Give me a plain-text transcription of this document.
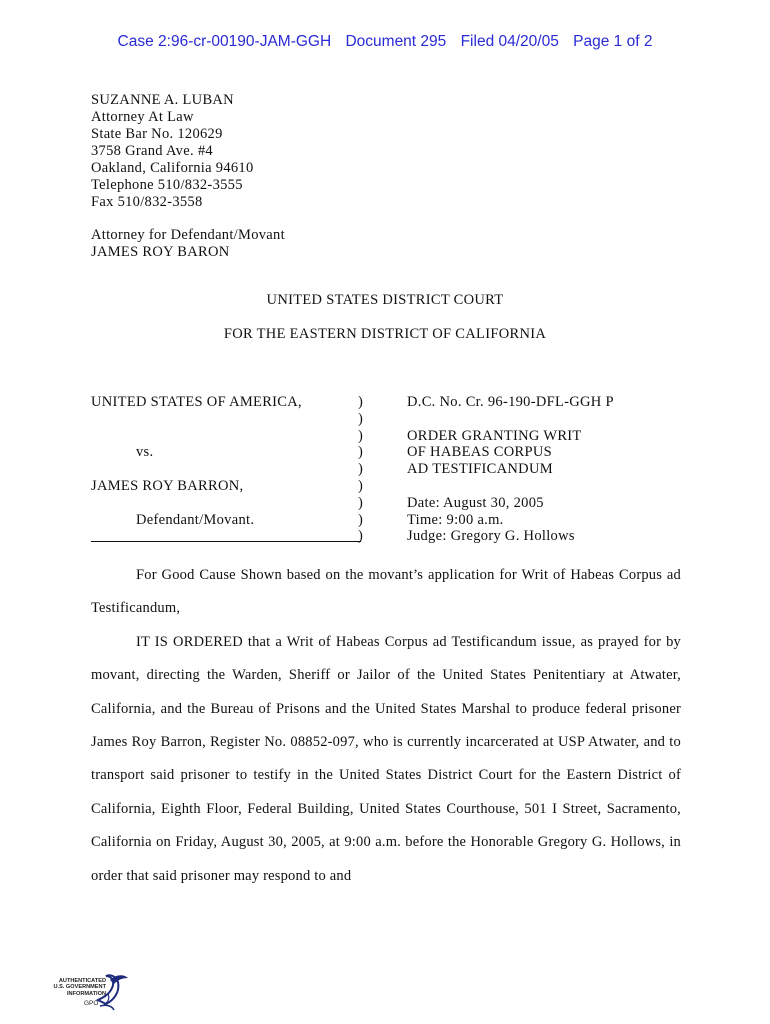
Case 2:96-cr-00190-JAM-GGH Document 295 Filed 04/20/05 Page 1 of 2
SUZANNE A. LUBAN
Attorney At Law
State Bar No. 120629
3758 Grand Ave. #4
Oakland, California 94610
Telephone 510/832-3555
Fax 510/832-3558
Attorney for Defendant/Movant
JAMES ROY BARON
UNITED STATES DISTRICT COURT
FOR THE EASTERN DISTRICT OF CALIFORNIA
UNITED STATES OF AMERICA,
vs.
JAMES ROY BARRON,
Defendant/Movant.
)
)
)
)
)
)
)
)
)
D.C. No. Cr. 96-190-DFL-GGH P
ORDER GRANTING WRIT
OF HABEAS CORPUS
AD TESTIFICANDUM
Date: August 30, 2005
Time: 9:00 a.m.
Judge: Gregory G. Hollows

For Good Cause Shown based on the movant’s application for Writ of Habeas Corpus ad Testificandum,

IT IS ORDERED that a Writ of Habeas Corpus ad Testificandum issue, as prayed for by movant, directing the Warden, Sheriff or Jailor of the United States Penitentiary at Atwater, California, and the Bureau of Prisons and the United States Marshal to produce federal prisoner James Roy Barron, Register No. 08852-097, who is currently incarcerated at USP Atwater, and to transport said prisoner to testify in the United States District Court for the Eastern District of California, Eighth Floor, Federal Building, United States Courthouse, 501 I Street, Sacramento, California on Friday, August 30, 2005, at 9:00 a.m. before the Honorable Gregory G. Hollows, in order that said prisoner may respond to and

AUTHENTICATED
U.S. GOVERNMENT
INFORMATION
GPO
